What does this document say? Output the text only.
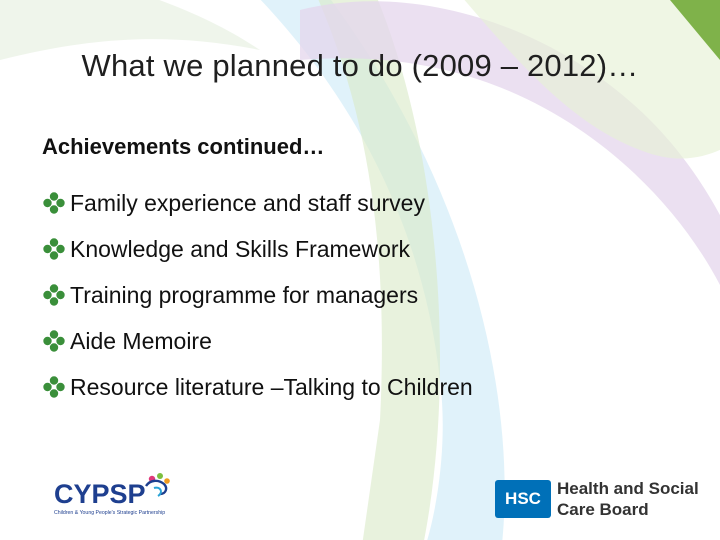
What we planned to do (2009 – 2012)…
Achievements continued…
Family experience and staff survey
Knowledge and Skills Framework
Training programme for managers
Aide Memoire
Resource literature –Talking to Children
CYPSP
Children & Young People's Strategic Partnership
HSC
Health and Social
Care Board
